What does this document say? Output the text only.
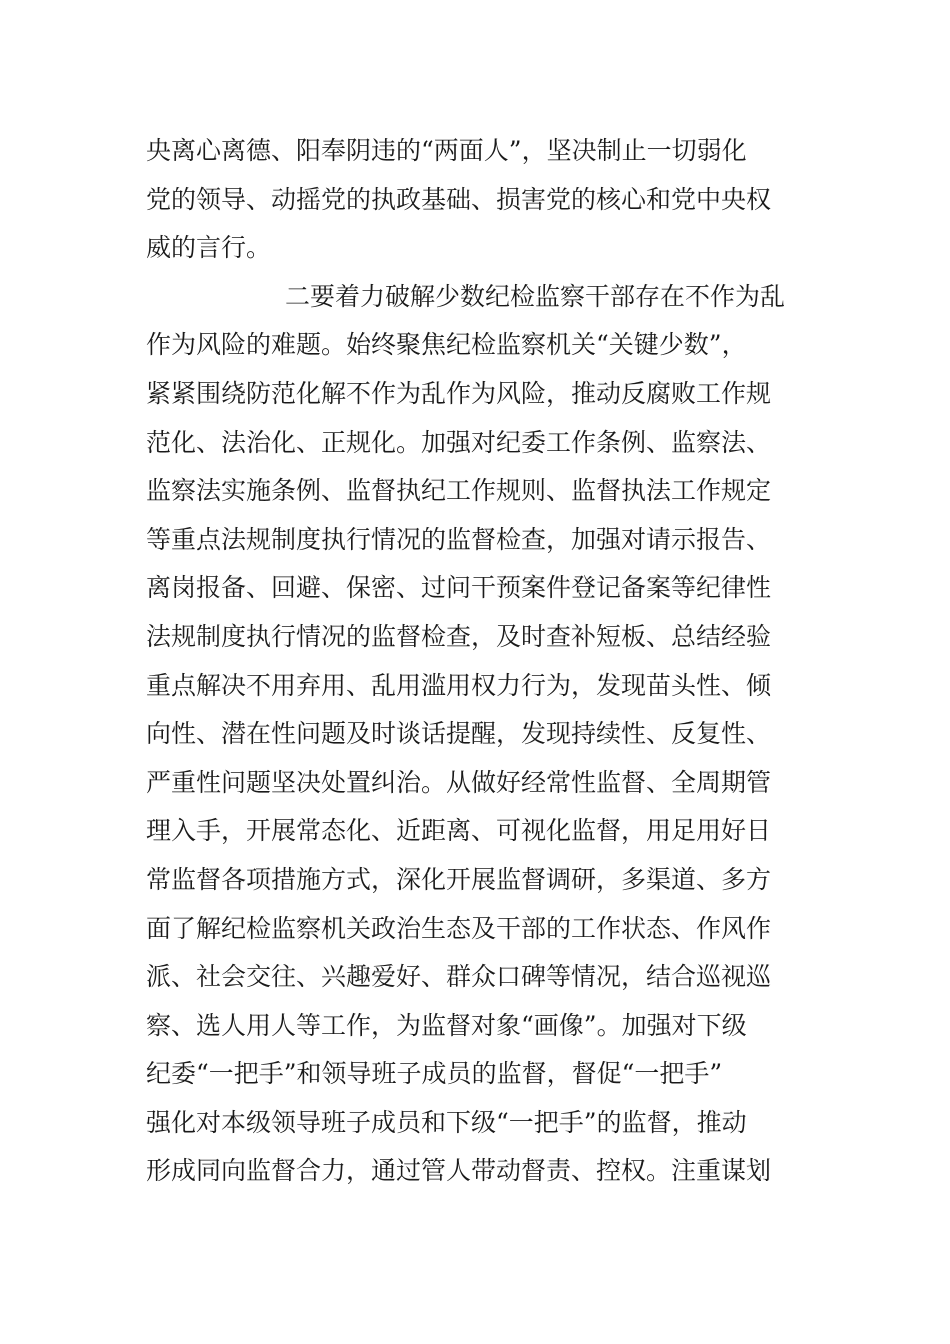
央离心离德、阳奉阴违的“两面人”，坚决制止一切弱化
党的领导、动摇党的执政基础、损害党的核心和党中央权
威的言行。
二要着力破解少数纪检监察干部存在不作为乱
作为风险的难题。始终聚焦纪检监察机关“关键少数”，
紧紧围绕防范化解不作为乱作为风险，推动反腐败工作规
范化、法治化、正规化。加强对纪委工作条例、监察法、
监察法实施条例、监督执纪工作规则、监督执法工作规定
等重点法规制度执行情况的监督检查，加强对请示报告、
离岗报备、回避、保密、过问干预案件登记备案等纪律性
法规制度执行情况的监督检查，及时查补短板、总结经验
重点解决不用弃用、乱用滥用权力行为，发现苗头性、倾
向性、潜在性问题及时谈话提醒，发现持续性、反复性、
严重性问题坚决处置纠治。从做好经常性监督、全周期管
理入手，开展常态化、近距离、可视化监督，用足用好日
常监督各项措施方式，深化开展监督调研，多渠道、多方
面了解纪检监察机关政治生态及干部的工作状态、作风作
派、社会交往、兴趣爱好、群众口碑等情况，结合巡视巡
察、选人用人等工作，为监督对象“画像”。加强对下级
纪委“一把手”和领导班子成员的监督，督促“一把手”
强化对本级领导班子成员和下级“一把手”的监督，推动
形成同向监督合力，通过管人带动督责、控权。注重谋划
